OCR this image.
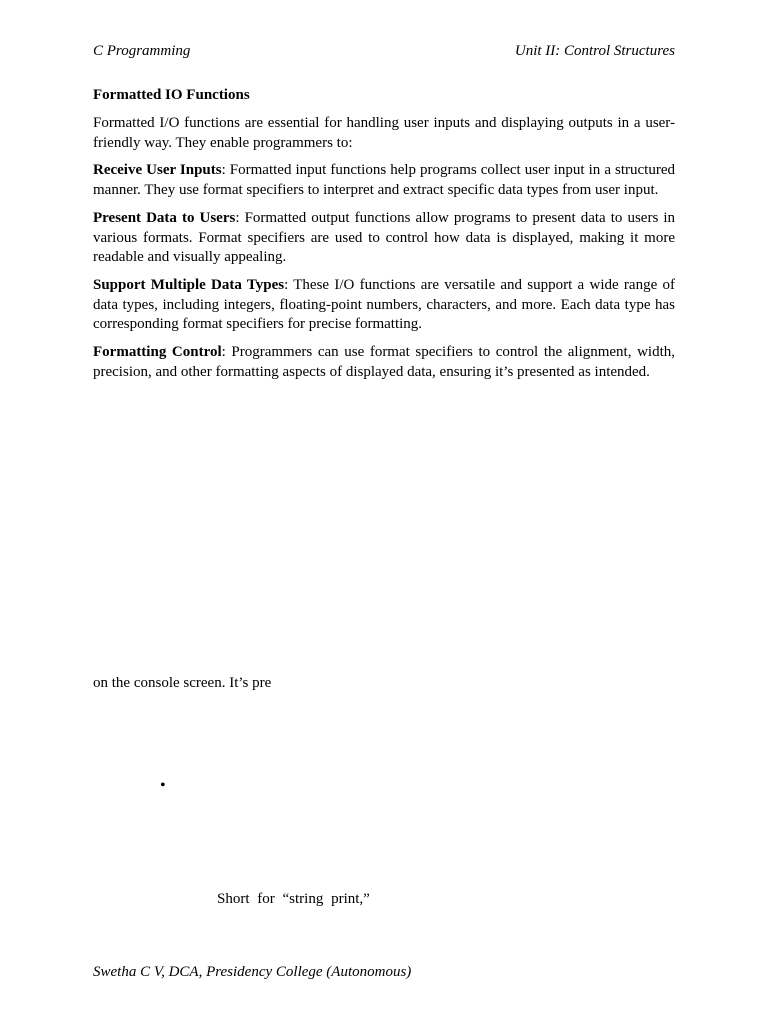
C Programming	Unit II: Control Structures
Formatted IO Functions

Formatted I/O functions are essential for handling user inputs and displaying outputs in a user-friendly way. They enable programmers to:

Receive User Inputs: Formatted input functions help programs collect user input in a structured manner. They use format specifiers to interpret and extract specific data types from user input.

Present Data to Users: Formatted output functions allow programs to present data to users in various formats. Format specifiers are used to control how data is displayed, making it more readable and visually appealing.

Support Multiple Data Types: These I/O functions are versatile and support a wide range of data types, including integers, floating-point numbers, characters, and more. Each data type has corresponding format specifiers for precise formatting.

Formatting Control: Programmers can use format specifiers to control the alignment, width, precision, and other formatting aspects of displayed data, ensuring it’s presented as intended.

on the console screen. It’s pre
•
Short for “string print,”
Swetha C V, DCA, Presidency College (Autonomous)
